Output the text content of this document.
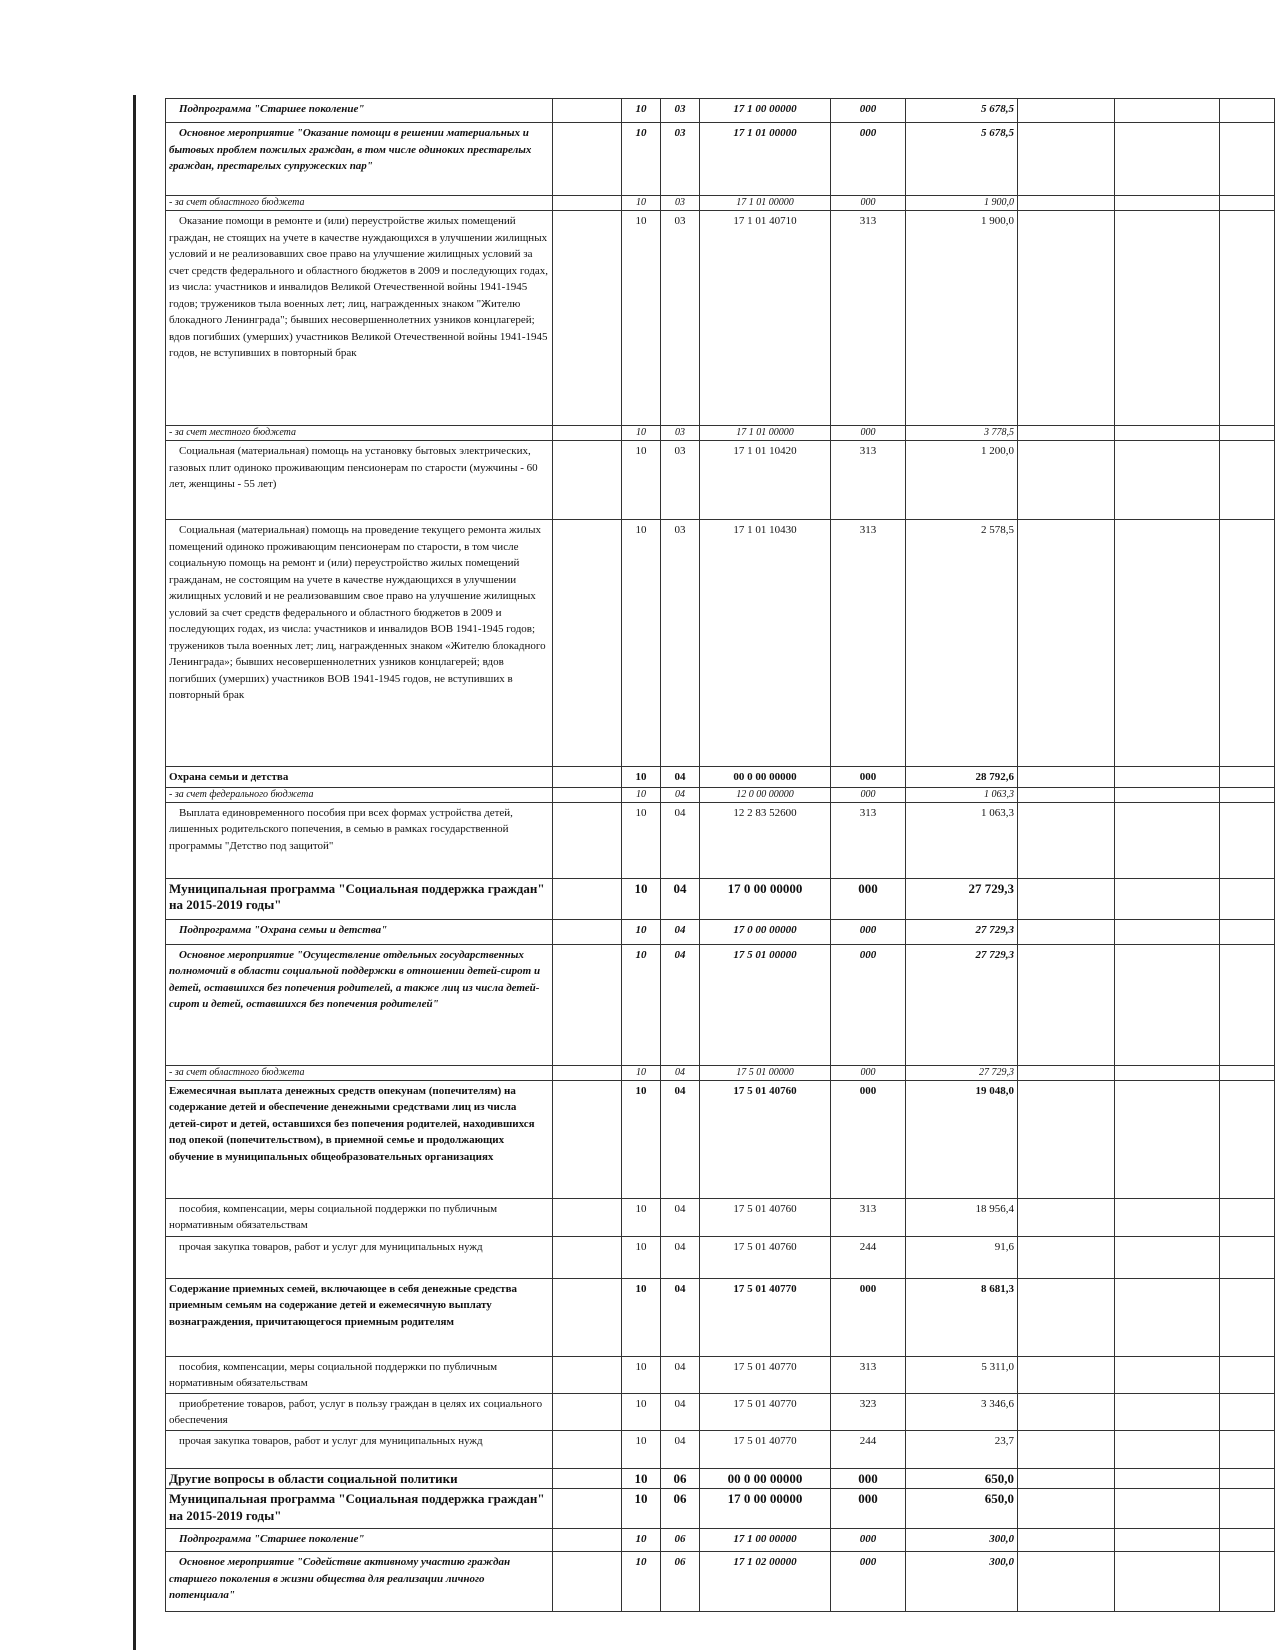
Подпрограмма "Старшее поколение"		10	03	17 1 00 00000	000	5 678,5			
Основное мероприятие "Оказание помощи в решении материальных и бытовых проблем пожилых граждан, в том числе одиноких престарелых граждан, престарелых супружеских пар"		10	03	17 1 01 00000	000	5 678,5			
- за счет областного бюджета		10	03	17 1 01 00000	000	1 900,0			
Оказание помощи в ремонте и (или) переустройстве жилых помещений граждан, не стоящих на учете в качестве нуждающихся в улучшении жилищных условий и не реализовавших свое право на улучшение жилищных условий за счет средств федерального и областного бюджетов в 2009 и последующих годах, из числа: участников и инвалидов Великой Отечественной войны 1941-1945 годов; тружеников тыла военных лет; лиц, награжденных знаком "Жителю блокадного Ленинграда"; бывших несовершеннолетних узников концлагерей; вдов погибших (умерших) участников Великой Отечественной войны 1941-1945 годов, не вступивших в повторный брак		10	03	17 1 01 40710	313	1 900,0			
- за счет местного бюджета		10	03	17 1 01 00000	000	3 778,5			
Социальная (материальная) помощь на установку бытовых электрических, газовых плит одиноко проживающим пенсионерам по старости (мужчины - 60 лет, женщины - 55 лет)		10	03	17 1 01 10420	313	1 200,0			
Социальная (материальная) помощь на проведение текущего ремонта жилых помещений одиноко проживающим пенсионерам по старости, в том числе социальную помощь на ремонт и (или) переустройство жилых помещений гражданам, не состоящим на учете в качестве нуждающихся в улучшении жилищных условий и не реализовавшим свое право на улучшение жилищных условий за счет средств федерального и областного бюджетов в 2009 и последующих годах, из числа: участников и инвалидов ВОВ 1941-1945 годов; тружеников тыла военных лет; лиц, награжденных знаком «Жителю блокадного Ленинграда»; бывших несовершеннолетних узников концлагерей; вдов погибших (умерших) участников ВОВ 1941-1945 годов, не вступивших в повторный брак		10	03	17 1 01 10430	313	2 578,5			
Охрана семьи и детства		10	04	00 0 00 00000	000	28 792,6			
- за счет федерального бюджета		10	04	12 0 00 00000	000	1 063,3			
Выплата единовременного пособия при всех формах устройства детей, лишенных родительского попечения, в семью в рамках государственной программы "Детство под защитой"		10	04	12 2 83 52600	313	1 063,3			
Муниципальная программа "Социальная поддержка граждан" на 2015-2019 годы"		10	04	17 0 00 00000	000	27 729,3			
Подпрограмма "Охрана семьи и детства"		10	04	17 0 00 00000	000	27 729,3			
Основное мероприятие "Осуществление отдельных государственных полномочий в области социальной поддержки в отношении детей-сирот и детей, оставшихся без попечения родителей, а также лиц из числа детей-сирот и детей, оставшихся без попечения родителей"		10	04	17 5 01 00000	000	27 729,3			
- за счет областного бюджета		10	04	17 5 01 00000	000	27 729,3			
Ежемесячная выплата денежных средств опекунам (попечителям) на содержание детей и обеспечение денежными средствами лиц из числа детей-сирот и детей, оставшихся без попечения родителей, находившихся под опекой (попечительством), в приемной семье и продолжающих обучение в муниципальных общеобразовательных организациях		10	04	17 5 01 40760	000	19 048,0			
пособия, компенсации, меры социальной поддержки по публичным нормативным обязательствам		10	04	17 5 01 40760	313	18 956,4			
прочая закупка товаров, работ и услуг для муниципальных нужд		10	04	17 5 01 40760	244	91,6			
Содержание приемных семей, включающее в себя денежные средства приемным семьям на содержание детей и ежемесячную выплату вознаграждения, причитающегося приемным родителям		10	04	17 5 01 40770	000	8 681,3			
пособия, компенсации, меры социальной поддержки по публичным нормативным обязательствам		10	04	17 5 01 40770	313	5 311,0			
приобретение товаров, работ, услуг в пользу граждан в целях их социального обеспечения		10	04	17 5 01 40770	323	3 346,6			
прочая закупка товаров, работ и услуг для муниципальных нужд		10	04	17 5 01 40770	244	23,7			
Другие вопросы в области социальной политики		10	06	00 0 00 00000	000	650,0			
Муниципальная программа "Социальная поддержка граждан" на 2015-2019 годы"		10	06	17 0 00 00000	000	650,0			
Подпрограмма "Старшее поколение"		10	06	17 1 00 00000	000	300,0			
Основное мероприятие "Содействие активному участию граждан старшего поколения в жизни общества для реализации личного потенциала"		10	06	17 1 02 00000	000	300,0			
